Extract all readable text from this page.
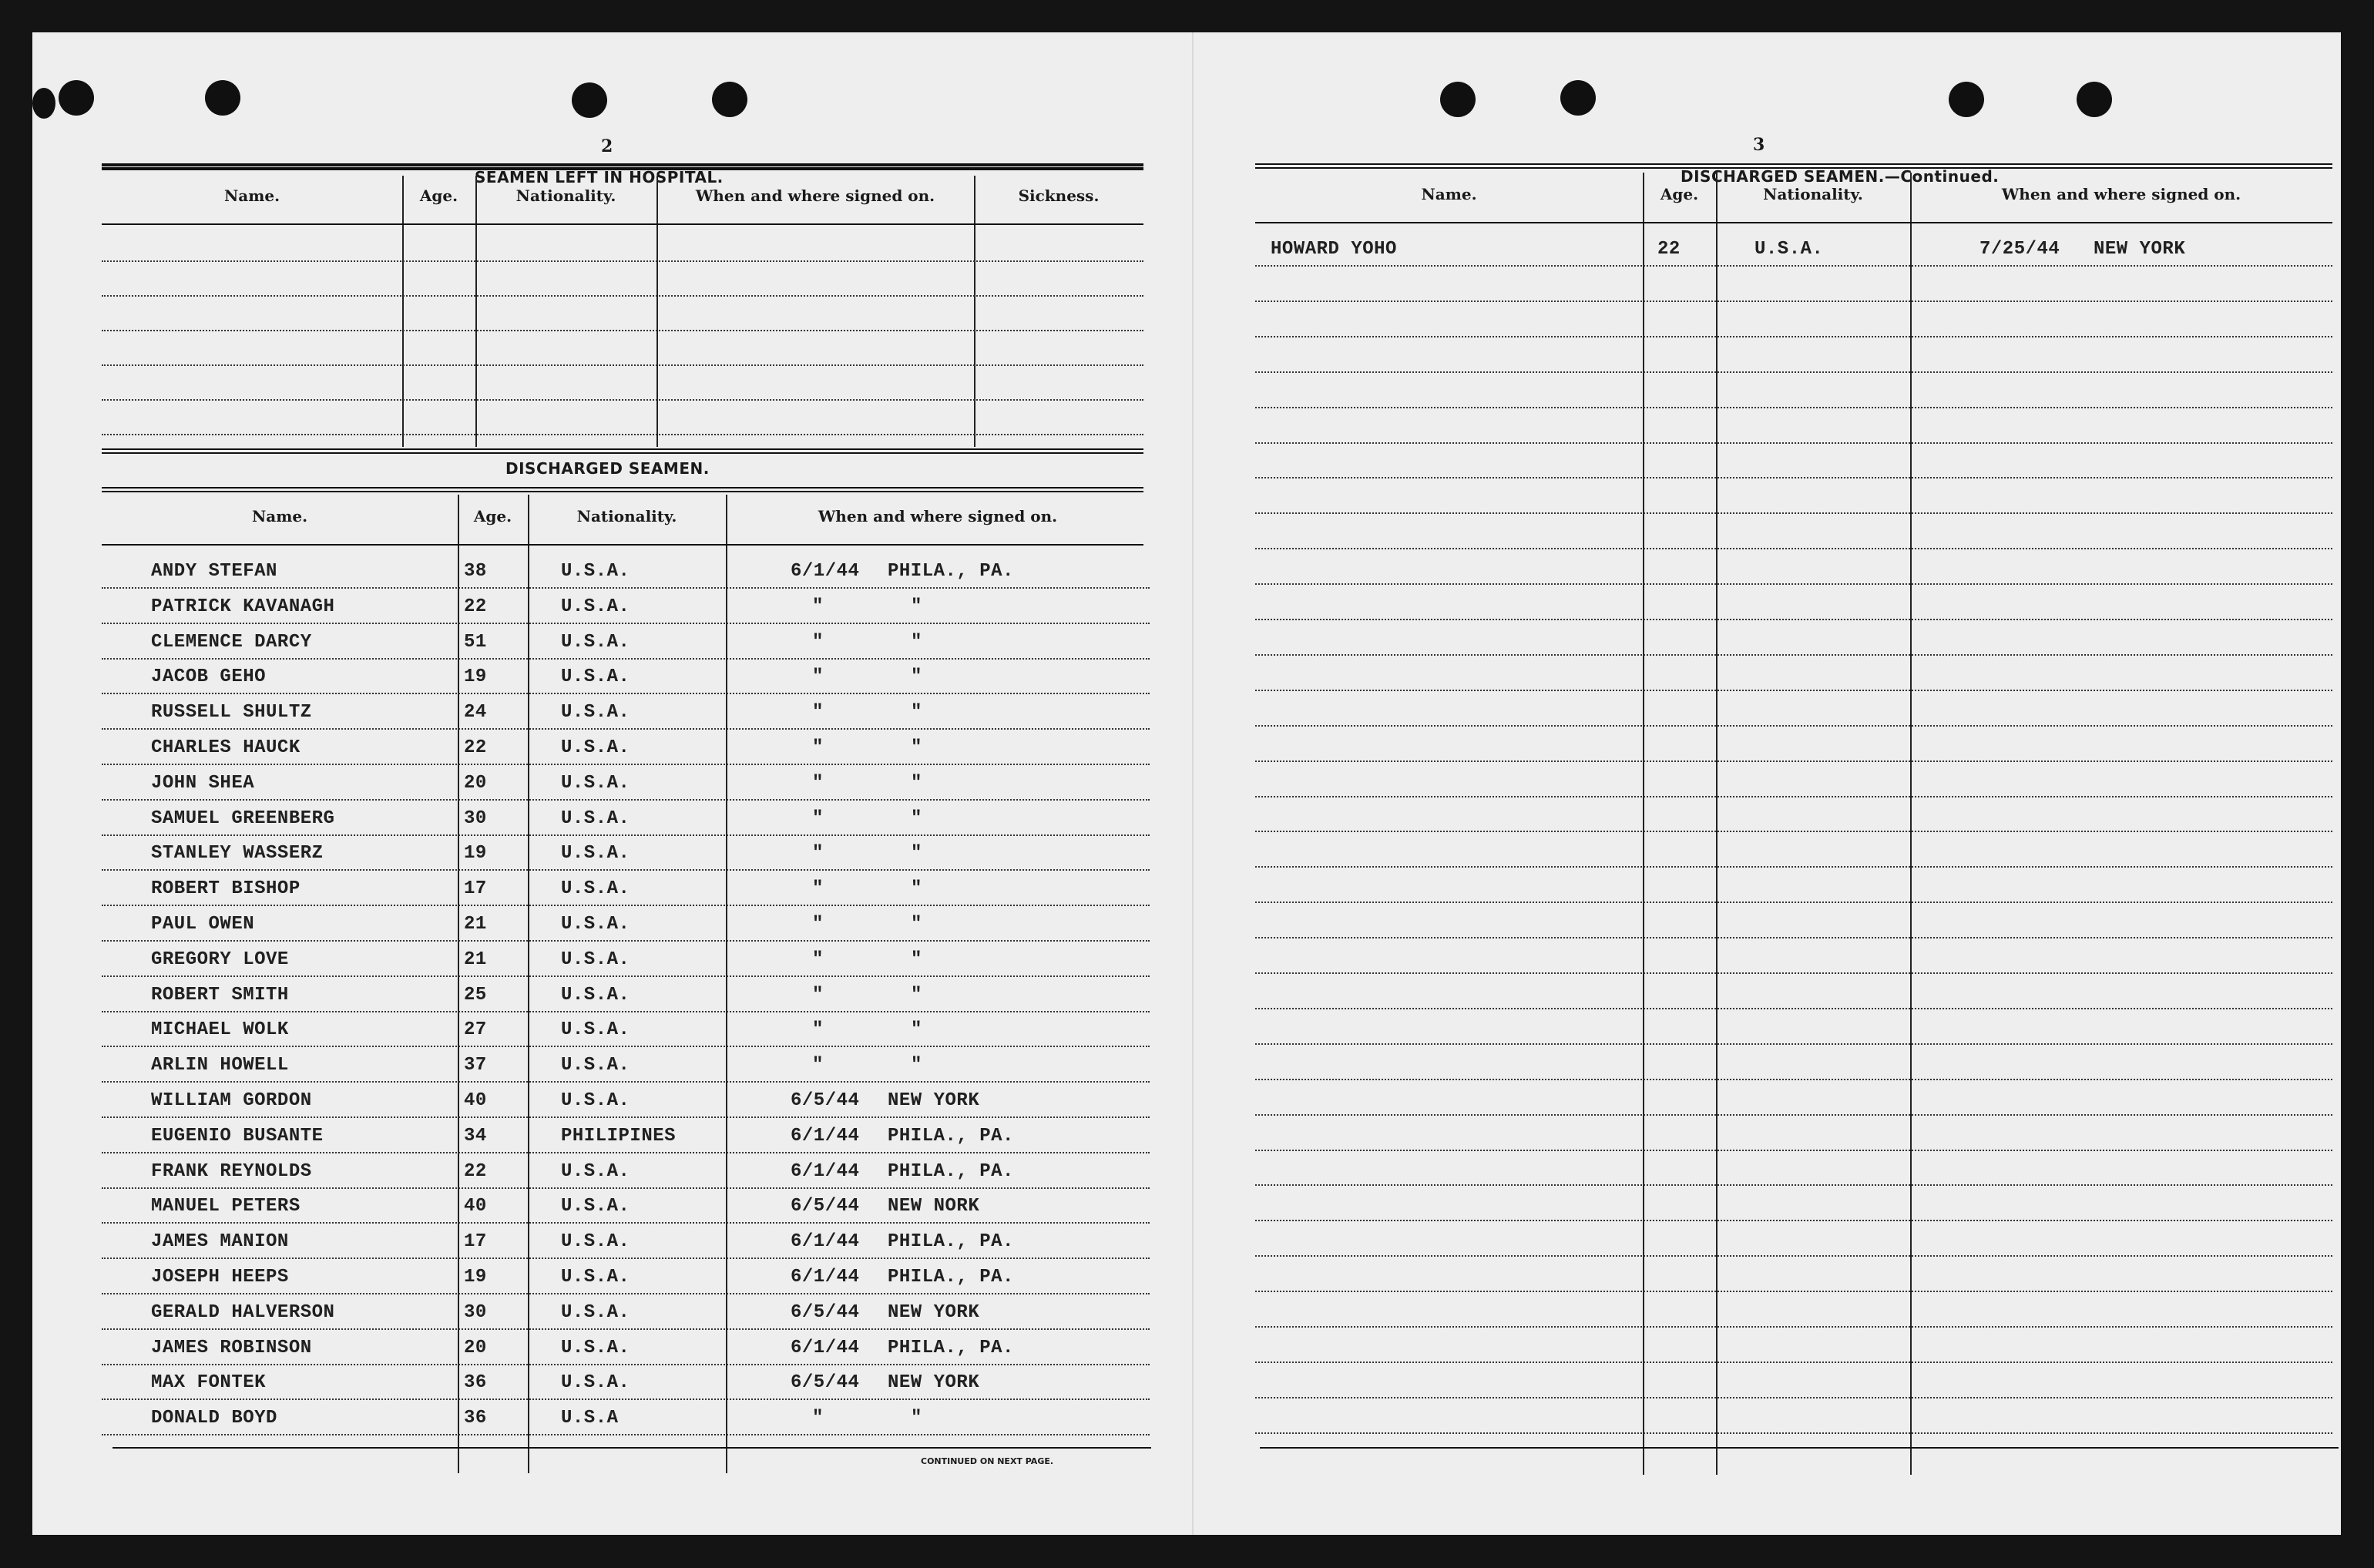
2
SEAMEN LEFT IN HOSPITAL.
Name.	Age.	Nationality.	When and where signed on.	Sickness.
DISCHARGED SEAMEN.
Name.	Age.	Nationality.	When and where signed on.
ANDY STEFAN	38	U.S.A.	6/1/44 PHILA., PA.
PATRICK KAVANAGH	22	U.S.A.	"	"
CLEMENCE DARCY	51	U.S.A.	"	"
JACOB GEHO	19	U.S.A.	"	"
RUSSELL SHULTZ	24	U.S.A.	"	"
CHARLES HAUCK	22	U.S.A.	"	"
JOHN SHEA	20	U.S.A.	"	"
SAMUEL GREENBERG	30	U.S.A.	"	"
STANLEY WASSERZ	19	U.S.A.	"	"
ROBERT BISHOP	17	U.S.A.	"	"
PAUL OWEN	21	U.S.A.	"	"
GREGORY LOVE	21	U.S.A.	"	"
ROBERT SMITH	25	U.S.A.	"	"
MICHAEL WOLK	27	U.S.A.	"	"
ARLIN HOWELL	37	U.S.A.	"	"
WILLIAM GORDON	40	U.S.A.	6/5/44 NEW YORK
EUGENIO BUSANTE	34	PHILIPINES	6/1/44 PHILA., PA.
FRANK REYNOLDS	22	U.S.A.	6/1/44 PHILA., PA.
MANUEL PETERS	40	U.S.A.	6/5/44 NEW NORK
JAMES MANION	17	U.S.A.	6/1/44 PHILA., PA.
JOSEPH HEEPS	19	U.S.A.	6/1/44 PHILA., PA.
GERALD HALVERSON	30	U.S.A.	6/5/44 NEW YORK
JAMES ROBINSON	20	U.S.A.	6/1/44 PHILA., PA.
MAX FONTEK	36	U.S.A.	6/5/44 NEW YORK
DONALD BOYD	36	U.S.A	"	"
CONTINUED ON NEXT PAGE.
3
DISCHARGED SEAMEN.—Continued.
Name.	Age.	Nationality.	When and where signed on.
HOWARD YOHO	22	U.S.A.	7/25/44 NEW YORK
